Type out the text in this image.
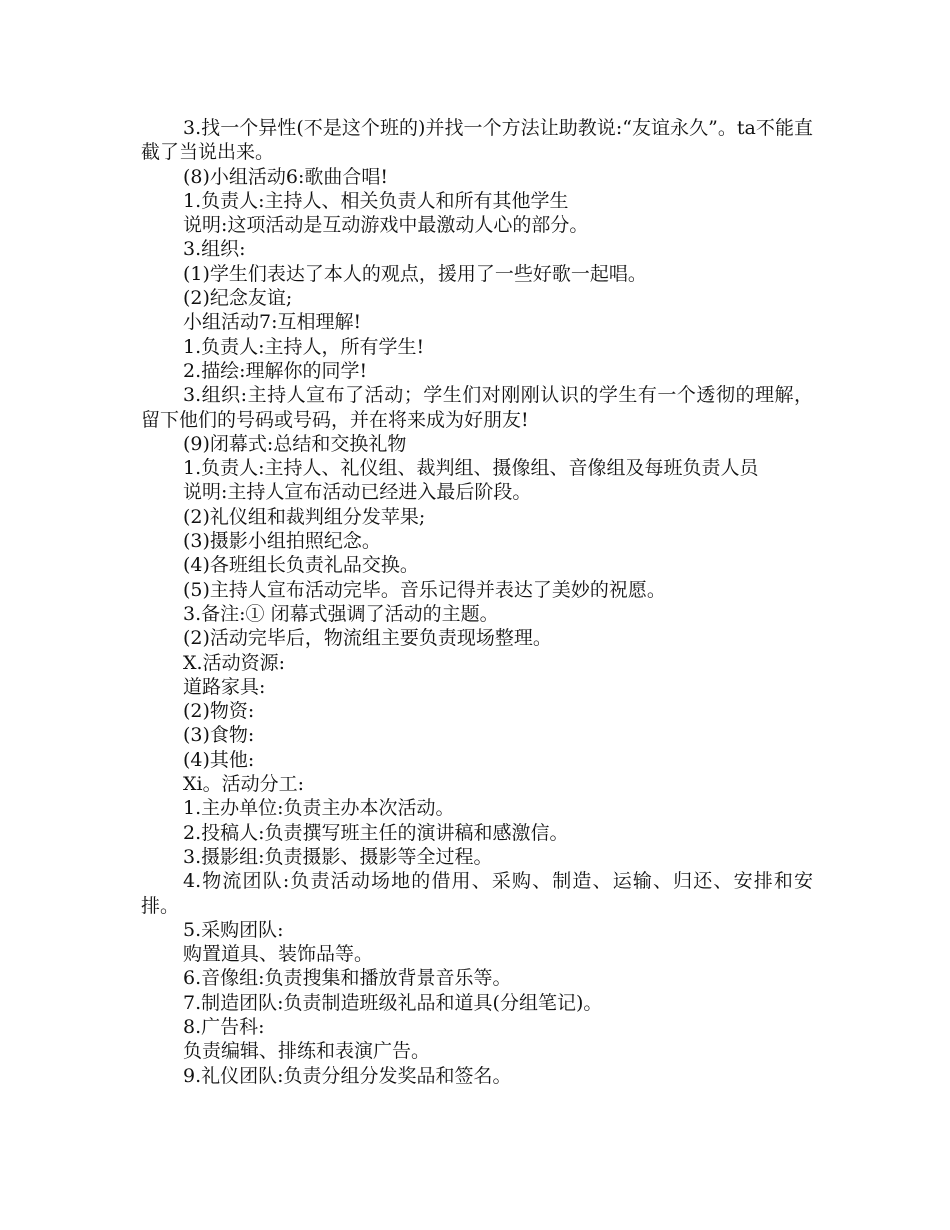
3.找一个异性(不是这个班的)并找一个方法让助教说:“友谊永久”。ta不能直截了当说出来。

(8)小组活动6:歌曲合唱!

1.负责人:主持人、相关负责人和所有其他学生

说明:这项活动是互动游戏中最激动人心的部分。

3.组织:

(1)学生们表达了本人的观点，援用了一些好歌一起唱。

(2)纪念友谊;

小组活动7:互相理解!

1.负责人:主持人，所有学生!

2.描绘:理解你的同学!

3.组织:主持人宣布了活动；学生们对刚刚认识的学生有一个透彻的理解，留下他们的号码或号码，并在将来成为好朋友!

(9)闭幕式:总结和交换礼物

1.负责人:主持人、礼仪组、裁判组、摄像组、音像组及每班负责人员

说明:主持人宣布活动已经进入最后阶段。

(2)礼仪组和裁判组分发苹果;

(3)摄影小组拍照纪念。

(4)各班组长负责礼品交换。

(5)主持人宣布活动完毕。音乐记得并表达了美妙的祝愿。

3.备注:① 闭幕式强调了活动的主题。

(2)活动完毕后，物流组主要负责现场整理。

X.活动资源:

道路家具:

(2)物资:

(3)食物:

(4)其他:

Xi。活动分工:

1.主办单位:负责主办本次活动。

2.投稿人:负责撰写班主任的演讲稿和感激信。

3.摄影组:负责摄影、摄影等全过程。

4.物流团队:负责活动场地的借用、采购、制造、运输、归还、安排和安排。

5.采购团队:

购置道具、装饰品等。

6.音像组:负责搜集和播放背景音乐等。

7.制造团队:负责制造班级礼品和道具(分组笔记)。

8.广告科:

负责编辑、排练和表演广告。

9.礼仪团队:负责分组分发奖品和签名。
